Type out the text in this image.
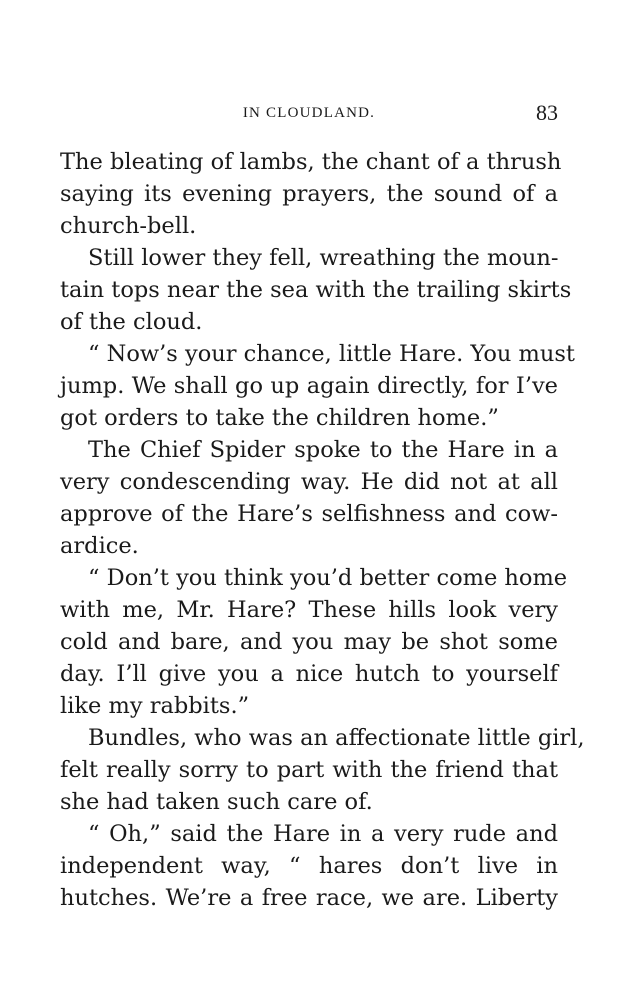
IN CLOUDLAND.	83
The bleating of lambs, the chant of a thrush
saying its evening prayers, the sound of a
church-bell.
Still lower they fell, wreathing the moun-
tain tops near the sea with the trailing skirts
of the cloud.
“ Now’s your chance, little Hare. You must
jump. We shall go up again directly, for I’ve
got orders to take the children home.”
The Chief Spider spoke to the Hare in a
very condescending way. He did not at all
approve of the Hare’s selfishness and cow-
ardice.
“ Don’t you think you’d better come home
with me, Mr. Hare? These hills look very
cold and bare, and you may be shot some
day. I’ll give you a nice hutch to yourself
like my rabbits.”
Bundles, who was an affectionate little girl,
felt really sorry to part with the friend that
she had taken such care of.
“ Oh,” said the Hare in a very rude and
independent way, “ hares don’t live in
hutches. We’re a free race, we are. Liberty
